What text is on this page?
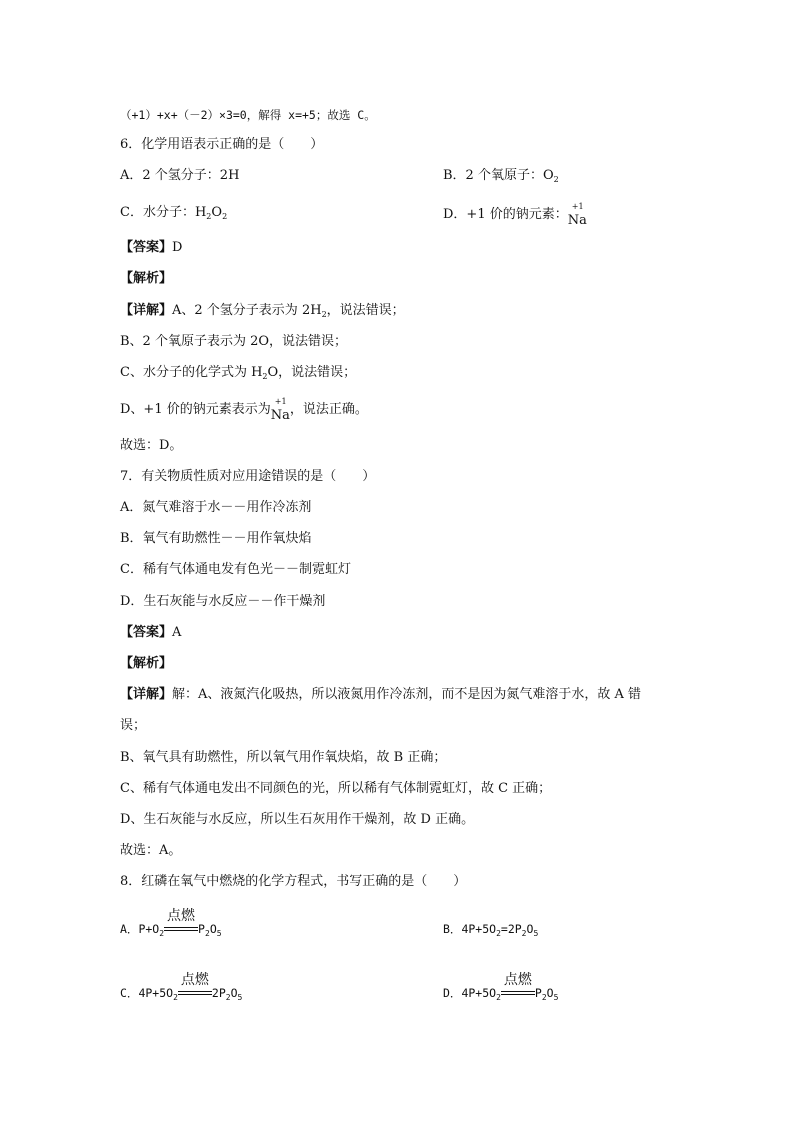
（+1）+x+（－2）×3=0，解得 x=+5；故选 C。
6．化学用语表示正确的是（　　）
A．2 个氢分子：2H	B．2 个氧原子：$O_2$
C．水分子：$H_2O_2$	D．+1 价的钠元素：
+1
Na
【答案】D
【解析】
【详解】A、2 个氢分子表示为 $2H_2$，说法错误；
B、2 个氧原子表示为 2O，说法错误；
C、水分子的化学式为 $H_2O$，说法错误；
D、+1 价的钠元素表示为
+1
Na，说法正确。
故选：D。
7．有关物质性质对应用途错误的是（　　）
A．氮气难溶于水－－用作冷冻剂
B．氧气有助燃性－－用作氧炔焰
C．稀有气体通电发有色光－－制霓虹灯
D．生石灰能与水反应－－作干燥剂
【答案】A
【解析】
【详解】解：A、液氮汽化吸热，所以液氮用作冷冻剂，而不是因为氮气难溶于水，故 A 错
误；
B、氧气具有助燃性，所以氧气用作氧炔焰，故 B 正确；
C、稀有气体通电发出不同颜色的光，所以稀有气体制霓虹灯，故 C 正确；
D、生石灰能与水反应，所以生石灰用作干燥剂，故 D 正确。
故选：A。
8．红磷在氧气中燃烧的化学方程式，书写正确的是（　　）
A．$P+O_2$
点燃
$P_2O_5$	B．$4P+5O_2=2P_2O_5$
C．$4P+5O_2$
点燃
$2P_2O_5$	D．$4P+5O_2$
点燃
$P_2O_5$
